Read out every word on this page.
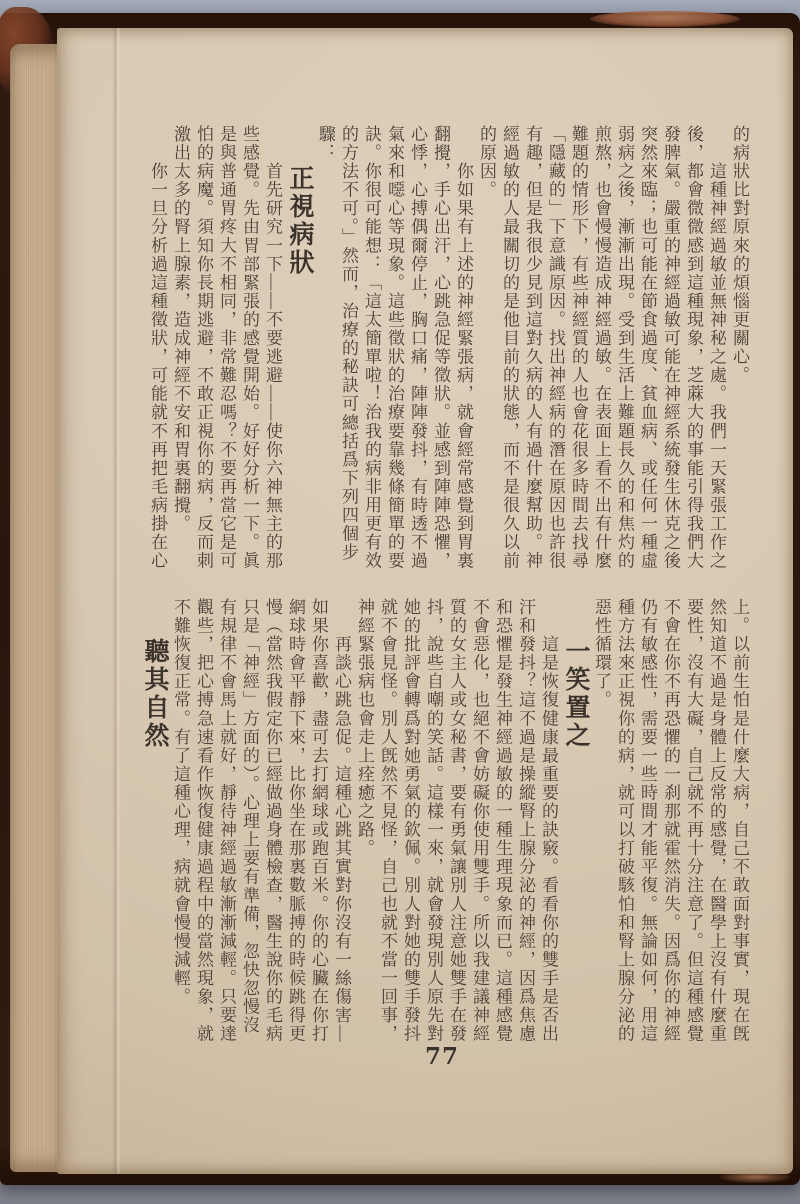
的病狀比對原來的煩惱更關心。
　　這種神經過敏並無神秘之處。我們一天緊張工作之
後，都會微微感到這種現象，芝蔴大的事能引得我們大
發脾氣。嚴重的神經過敏可能在神經系統發生休克之後
突然來臨；也可能在節食過度、貧血病、或任何一種虛
弱病之後，漸漸出現。受到生活上難題長久的和焦灼的
煎熬，也會慢慢造成神經過敏。在表面上看不出有什麼
難題的情形下，有些神經質的人也會花很多時間去找尋
「隱藏的」下意識原因。找出神經病的潛在原因也許很
有趣，但是我很少見到這對久病的人有過什麼幫助。神
經過敏的人最關切的是他目前的狀態，而不是很久以前
的原因。
　　你如果有上述的神經緊張病，就會經常感覺到胃裏
翻攪，手心出汗，心跳急促等徵狀。並感到陣陣恐懼，
心悸，心搏偶爾停止，胸口痛，陣陣發抖，有時透不過
氣來和噁心等現象。這些徵狀的治療要靠幾條簡單的要
訣。你很可能想：「這太簡單啦！治我的病非用更有效
的方法不可。」然而，治療的秘訣可總括爲下列四個步
驟：
正視病狀
　　首先研究一下——不要逃避——使你六神無主的那
些感覺。先由胃部緊張的感覺開始。好好分析一下。眞
是與普通胃疼大不相同，非常難忍嗎？不要再當它是可
怕的病魔。須知你長期逃避，不敢正視你的病，反而刺
激出太多的腎上腺素，造成神經不安和胃裏翻攪。
　　你一旦分析過這種徵狀，可能就不再把毛病掛在心
上。以前生怕是什麼大病，自己不敢面對事實，現在旣
然知道不過是身體上反常的感覺，在醫學上沒有什麼重
要性，沒有大礙，自己就不再十分注意了。但這種感覺
不會在你不再恐懼的一刹那就霍然消失。因爲你的神經
仍有敏感性，需要一些時間才能平復。無論如何，用這
種方法來正視你的病，就可以打破駭怕和腎上腺分泌的
惡性循環了。
一笑置之
　　這是恢復健康最重要的訣竅。看看你的雙手是否出
汗和發抖？這不過是操縱腎上腺分泌的神經，因爲焦慮
和恐懼是發生神經過敏的一種生理現象而已。這種感覺
不會惡化，也絕不會妨礙你使用雙手。所以我建議神經
質的女主人或女秘書，要有勇氣讓別人注意她雙手在發
抖，說些自嘲的笑話。這樣一來，就會發現別人原先對
她的批評會轉爲對她勇氣的欽佩。別人對她的雙手發抖
就不會見怪。別人旣然不見怪，自己也就不當一回事，
神經緊張病也會走上痊癒之路。
　　再談心跳急促。這種心跳其實對你沒有一絲傷害—
如果你喜歡，盡可去打網球或跑百米。你的心臟在你打
網球時會平靜下來，比你坐在那裏數脈搏的時候跳得更
慢（當然我假定你已經做過身體檢查，醫生說你的毛病
只是「神經」方面的）。心理上要有準備，忽快忽慢沒
有規律不會馬上就好，靜待神經過敏漸漸減輕。只要達
觀些，把心搏急速看作恢復健康過程中的當然現象，就
不難恢復正常。有了這種心理，病就會慢慢減輕。
聽其自然
77
